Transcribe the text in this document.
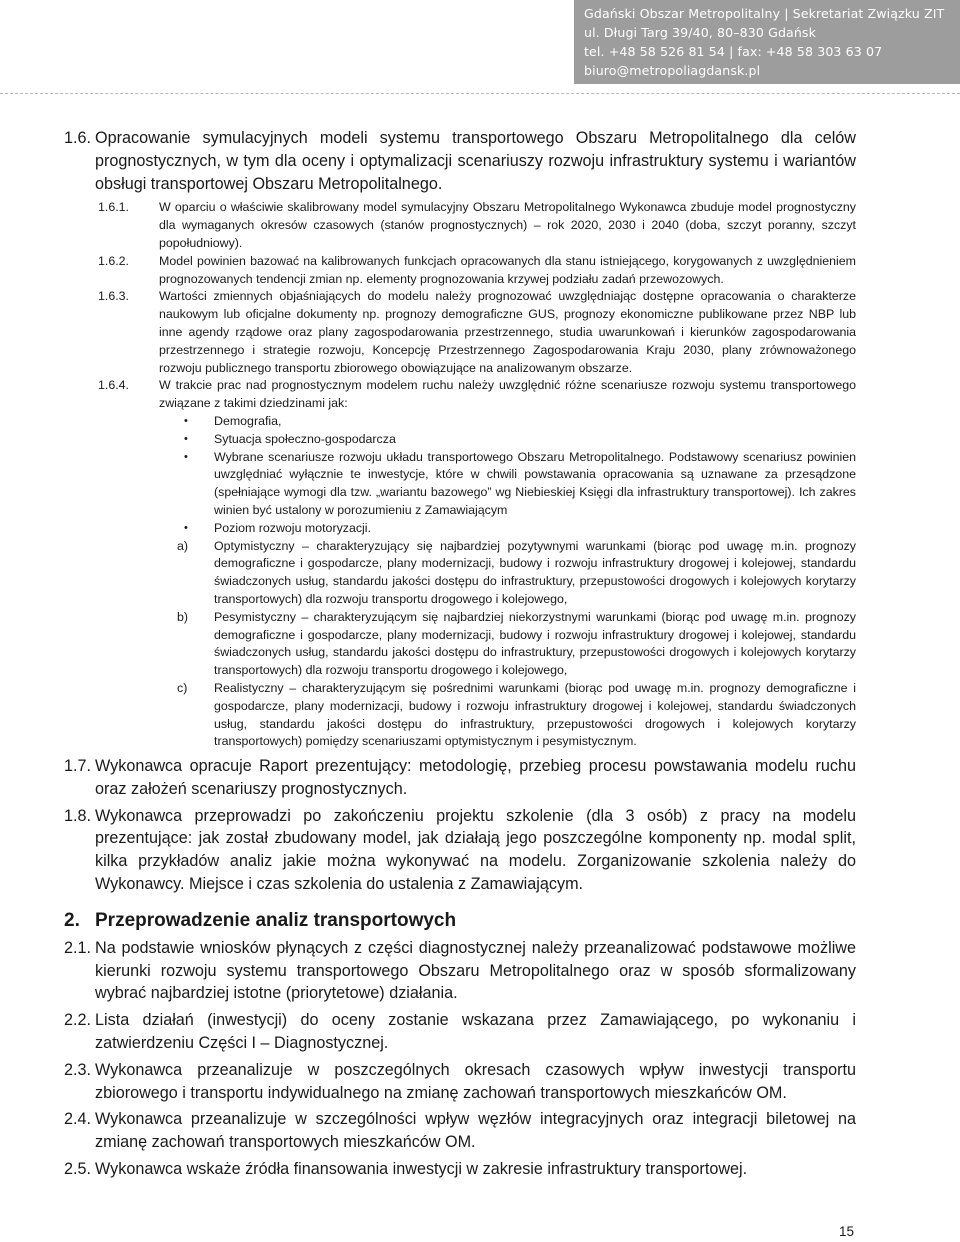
Gdański Obszar Metropolitalny | Sekretariat Związku ZIT
ul. Długi Targ 39/40, 80–830 Gdańsk
tel. +48 58 526 81 54 | fax: +48 58 303 63 07
biuro@metropoliagdansk.pl
1.6. Opracowanie symulacyjnych modeli systemu transportowego Obszaru Metropolitalnego dla celów prognostycznych, w tym dla oceny i optymalizacji scenariuszy rozwoju infrastruktury systemu i wariantów obsługi transportowej Obszaru Metropolitalnego.
1.6.1.	W oparciu o właściwie skalibrowany model symulacyjny Obszaru Metropolitalnego Wykonawca zbuduje model prognostyczny dla wymaganych okresów czasowych (stanów prognostycznych) – rok 2020, 2030 i 2040 (doba, szczyt poranny, szczyt popołudniowy).
1.6.2.	Model powinien bazować na kalibrowanych funkcjach opracowanych dla stanu istniejącego, korygowanych z uwzględnieniem prognozowanych tendencji zmian np. elementy prognozowania krzywej podziału zadań przewozowych.
1.6.3.	Wartości zmiennych objaśniających do modelu należy prognozować uwzględniając dostępne opracowania o charakterze naukowym lub oficjalne dokumenty np. prognozy demograficzne GUS, prognozy ekonomiczne publikowane przez NBP lub inne agendy rządowe oraz plany zagospodarowania przestrzennego, studia uwarunkowań i kierunków zagospodarowania przestrzennego i strategie rozwoju, Koncepcję Przestrzennego Zagospodarowania Kraju 2030, plany zrównoważonego rozwoju publicznego transportu zbiorowego obowiązujące na analizowanym obszarze.
1.6.4.	W trakcie prac nad prognostycznym modelem ruchu należy uwzględnić różne scenariusze rozwoju systemu transportowego związane z takimi dziedzinami jak:
•	Demografia,
•	Sytuacja społeczno-gospodarcza
•	Wybrane scenariusze rozwoju układu transportowego Obszaru Metropolitalnego. Podstawowy scenariusz powinien uwzględniać wyłącznie te inwestycje, które w chwili powstawania opracowania są uznawane za przesądzone (spełniające wymogi dla tzw. „wariantu bazowego” wg Niebieskiej Księgi dla infrastruktury transportowej). Ich zakres winien być ustalony w porozumieniu z Zamawiającym
•	Poziom rozwoju motoryzacji.
a)	Optymistyczny – charakteryzujący się najbardziej pozytywnymi warunkami (biorąc pod uwagę m.in. prognozy demograficzne i gospodarcze, plany modernizacji, budowy i rozwoju infrastruktury drogowej i kolejowej, standardu świadczonych usług, standardu jakości dostępu do infrastruktury, przepustowości drogowych i kolejowych korytarzy transportowych) dla rozwoju transportu drogowego i kolejowego,
b)	Pesymistyczny – charakteryzującym się najbardziej niekorzystnymi warunkami (biorąc pod uwagę m.in. prognozy demograficzne i gospodarcze, plany modernizacji, budowy i rozwoju infrastruktury drogowej i kolejowej, standardu świadczonych usług, standardu jakości dostępu do infrastruktury, przepustowości drogowych i kolejowych korytarzy transportowych) dla rozwoju transportu drogowego i kolejowego,
c)	Realistyczny – charakteryzującym się pośrednimi warunkami (biorąc pod uwagę m.in. prognozy demograficzne i gospodarcze, plany modernizacji, budowy i rozwoju infrastruktury drogowej i kolejowej, standardu świadczonych usług, standardu jakości dostępu do infrastruktury, przepustowości drogowych i kolejowych korytarzy transportowych) pomiędzy scenariuszami optymistycznym i pesymistycznym.
1.7. Wykonawca opracuje Raport prezentujący: metodologię, przebieg procesu powstawania modelu ruchu oraz założeń scenariuszy prognostycznych.
1.8. Wykonawca przeprowadzi po zakończeniu projektu szkolenie (dla 3 osób) z pracy na modelu prezentujące: jak został zbudowany model, jak działają jego poszczególne komponenty np. modal split, kilka przykładów analiz jakie można wykonywać na modelu. Zorganizowanie szkolenia należy do Wykonawcy. Miejsce i czas szkolenia do ustalenia z Zamawiającym.
2. Przeprowadzenie analiz transportowych
2.1. Na podstawie wniosków płynących z części diagnostycznej należy przeanalizować podstawowe możliwe kierunki rozwoju systemu transportowego Obszaru Metropolitalnego oraz w sposób sformalizowany wybrać najbardziej istotne (priorytetowe) działania.
2.2. Lista działań (inwestycji) do oceny zostanie wskazana przez Zamawiającego, po wykonaniu i zatwierdzeniu Części I – Diagnostycznej.
2.3. Wykonawca przeanalizuje w poszczególnych okresach czasowych wpływ inwestycji transportu zbiorowego i transportu indywidualnego na zmianę zachowań transportowych mieszkańców OM.
2.4. Wykonawca przeanalizuje w szczególności wpływ węzłów integracyjnych oraz integracji biletowej na zmianę zachowań transportowych mieszkańców OM.
2.5. Wykonawca wskaże źródła finansowania inwestycji w zakresie infrastruktury transportowej.
15
